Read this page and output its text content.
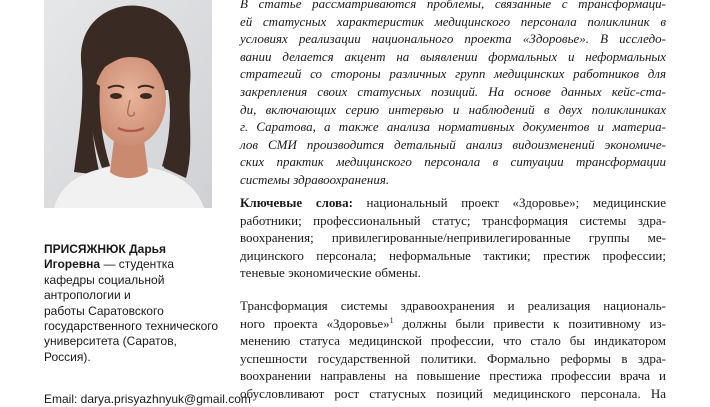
В статье рассматриваются проблемы, связанные с трансформаци-
ей статусных характеристик медицинского персонала поликлиник в
условиях реализации национального проекта «Здоровье». В исследо-
вании делается акцент на выявлении формальных и неформальных
стратегий со стороны различных групп медицинских работников для
закрепления своих статусных позиций. На основе данных кейс-ста-
ди, включающих серию интервью и наблюдений в двух поликлиниках
г. Саратова, а также анализа нормативных документов и материа-
лов СМИ производится детальный анализ видоизменений экономиче-
ских практик медицинского персонала в ситуации трансформации
системы здравоохранения.
Ключевые слова: национальный проект «Здоровье»; медицинские
работники; профессиональный статус; трансформация системы здра-
воохранения; привилегированные/непривилегированные группы ме-
дицинского персонала; неформальные тактики; престиж профессии;
теневые экономические обмены.
Трансформация системы здравоохранения и реализация националь-
ного проекта «Здоровье»$^1$ должны были привести к позитивному из-
менению статуса медицинской профессии, что стало бы индикатором
успешности государственной политики. Формально реформы в здра-
воохранении направлены на повышение престижа профессии врача и
обусловливают рост статусных позиций медицинского персонала. На
ПРИСЯЖНЮК Дарья
Игоревна — студентка
кафедры социальной
антропологии и
работы Саратовского
государственного технического
университета (Саратов,
Россия).
Email: darya.prisyazhnyuk@gmail.com
